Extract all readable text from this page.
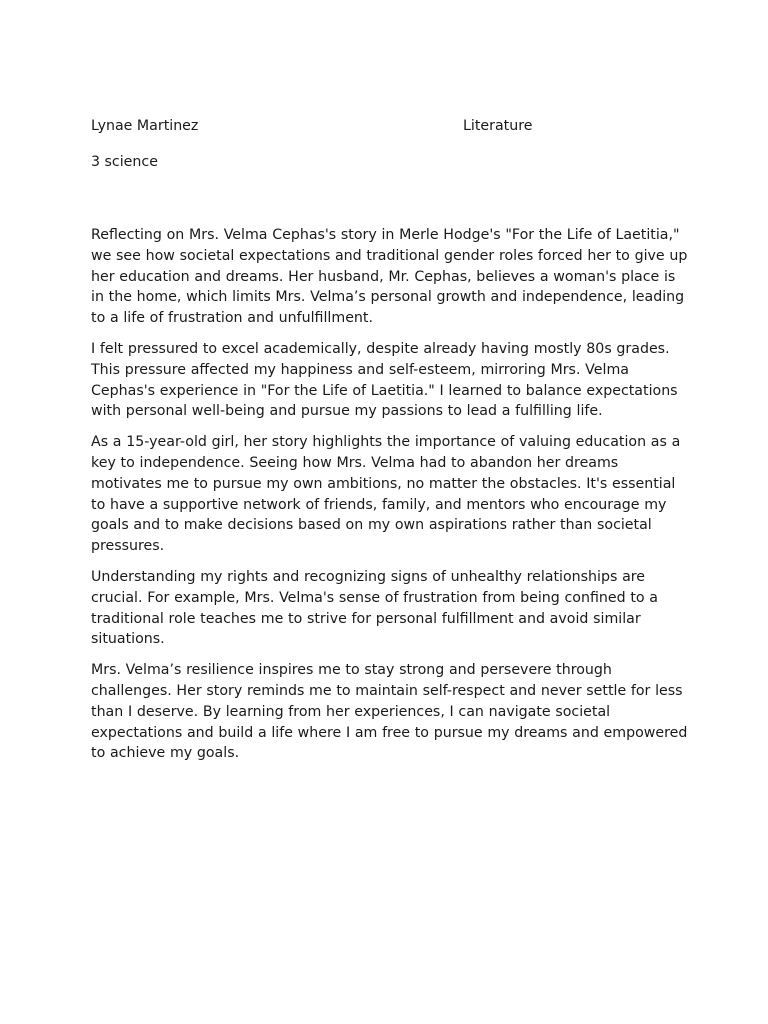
Lynae Martinez	Literature
3 science

Reflecting on Mrs. Velma Cephas's story in Merle Hodge's "For the Life of Laetitia," we see how societal expectations and traditional gender roles forced her to give up her education and dreams. Her husband, Mr. Cephas, believes a woman's place is in the home, which limits Mrs. Velma’s personal growth and independence, leading to a life of frustration and unfulfillment.

I felt pressured to excel academically, despite already having mostly 80s grades. This pressure affected my happiness and self-esteem, mirroring Mrs. Velma Cephas's experience in "For the Life of Laetitia." I learned to balance expectations with personal well-being and pursue my passions to lead a fulfilling life.

As a 15-year-old girl, her story highlights the importance of valuing education as a key to independence. Seeing how Mrs. Velma had to abandon her dreams motivates me to pursue my own ambitions, no matter the obstacles. It's essential to have a supportive network of friends, family, and mentors who encourage my goals and to make decisions based on my own aspirations rather than societal pressures.

Understanding my rights and recognizing signs of unhealthy relationships are crucial. For example, Mrs. Velma's sense of frustration from being confined to a traditional role teaches me to strive for personal fulfillment and avoid similar situations.

Mrs. Velma’s resilience inspires me to stay strong and persevere through challenges. Her story reminds me to maintain self-respect and never settle for less than I deserve. By learning from her experiences, I can navigate societal expectations and build a life where I am free to pursue my dreams and empowered to achieve my goals.
